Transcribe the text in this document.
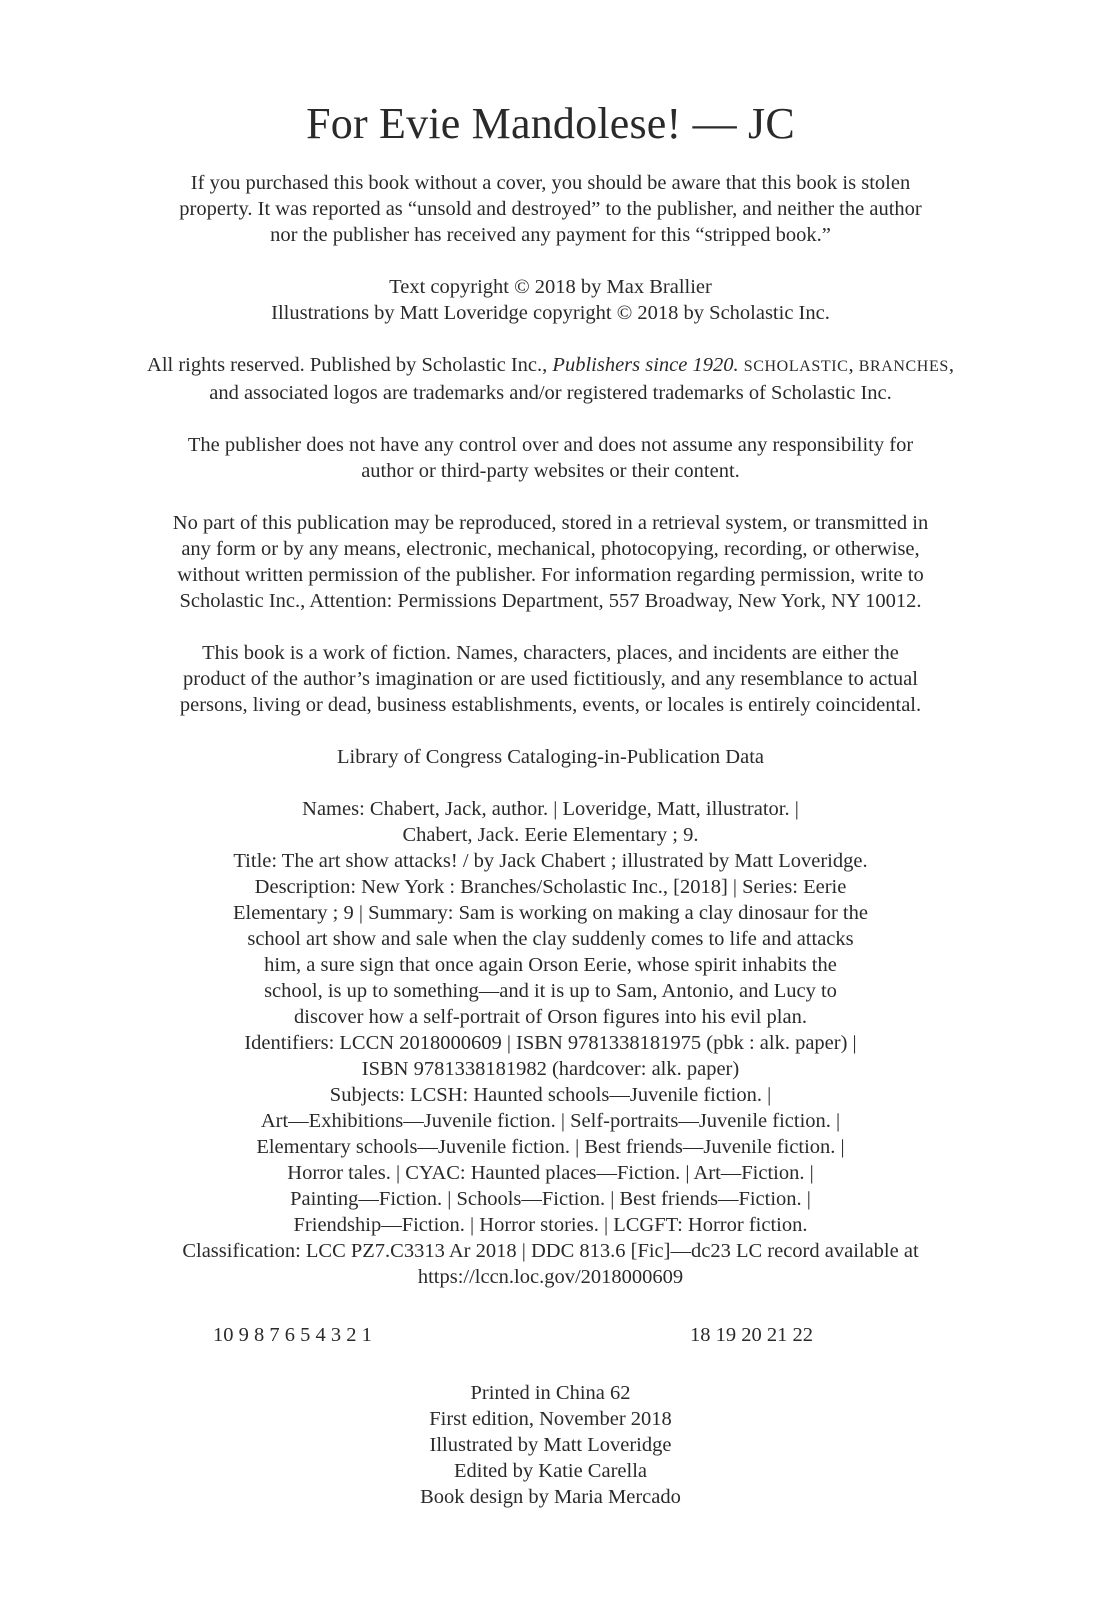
For Evie Mandolese! — JC
If you purchased this book without a cover, you should be aware that this book is stolen
property. It was reported as “unsold and destroyed” to the publisher, and neither the author
nor the publisher has received any payment for this “stripped book.”
Text copyright © 2018 by Max Brallier
Illustrations by Matt Loveridge copyright © 2018 by Scholastic Inc.
All rights reserved. Published by Scholastic Inc., Publishers since 1920. SCHOLASTIC, BRANCHES,
and associated logos are trademarks and/or registered trademarks of Scholastic Inc.
The publisher does not have any control over and does not assume any responsibility for
author or third-party websites or their content.
No part of this publication may be reproduced, stored in a retrieval system, or transmitted in
any form or by any means, electronic, mechanical, photocopying, recording, or otherwise,
without written permission of the publisher. For information regarding permission, write to
Scholastic Inc., Attention: Permissions Department, 557 Broadway, New York, NY 10012.
This book is a work of fiction. Names, characters, places, and incidents are either the
product of the author’s imagination or are used fictitiously, and any resemblance to actual
persons, living or dead, business establishments, events, or locales is entirely coincidental.
Library of Congress Cataloging-in-Publication Data
Names: Chabert, Jack, author. | Loveridge, Matt, illustrator. |
Chabert, Jack. Eerie Elementary ; 9.
Title: The art show attacks! / by Jack Chabert ; illustrated by Matt Loveridge.
Description: New York : Branches/Scholastic Inc., [2018] | Series: Eerie
Elementary ; 9 | Summary: Sam is working on making a clay dinosaur for the
school art show and sale when the clay suddenly comes to life and attacks
him, a sure sign that once again Orson Eerie, whose spirit inhabits the
school, is up to something—and it is up to Sam, Antonio, and Lucy to
discover how a self-portrait of Orson figures into his evil plan.
Identifiers: LCCN 2018000609 | ISBN 9781338181975 (pbk : alk. paper) |
ISBN 9781338181982 (hardcover: alk. paper)
Subjects: LCSH: Haunted schools—Juvenile fiction. |
Art—Exhibitions—Juvenile fiction. | Self-portraits—Juvenile fiction. |
Elementary schools—Juvenile fiction. | Best friends—Juvenile fiction. |
Horror tales. | CYAC: Haunted places—Fiction. | Art—Fiction. |
Painting—Fiction. | Schools—Fiction. | Best friends—Fiction. |
Friendship—Fiction. | Horror stories. | LCGFT: Horror fiction.
Classification: LCC PZ7.C3313 Ar 2018 | DDC 813.6 [Fic]—dc23 LC record available at
https://lccn.loc.gov/2018000609
10 9 8 7 6 5 4 3 2 1	18 19 20 21 22
Printed in China 62
First edition, November 2018
Illustrated by Matt Loveridge
Edited by Katie Carella
Book design by Maria Mercado
